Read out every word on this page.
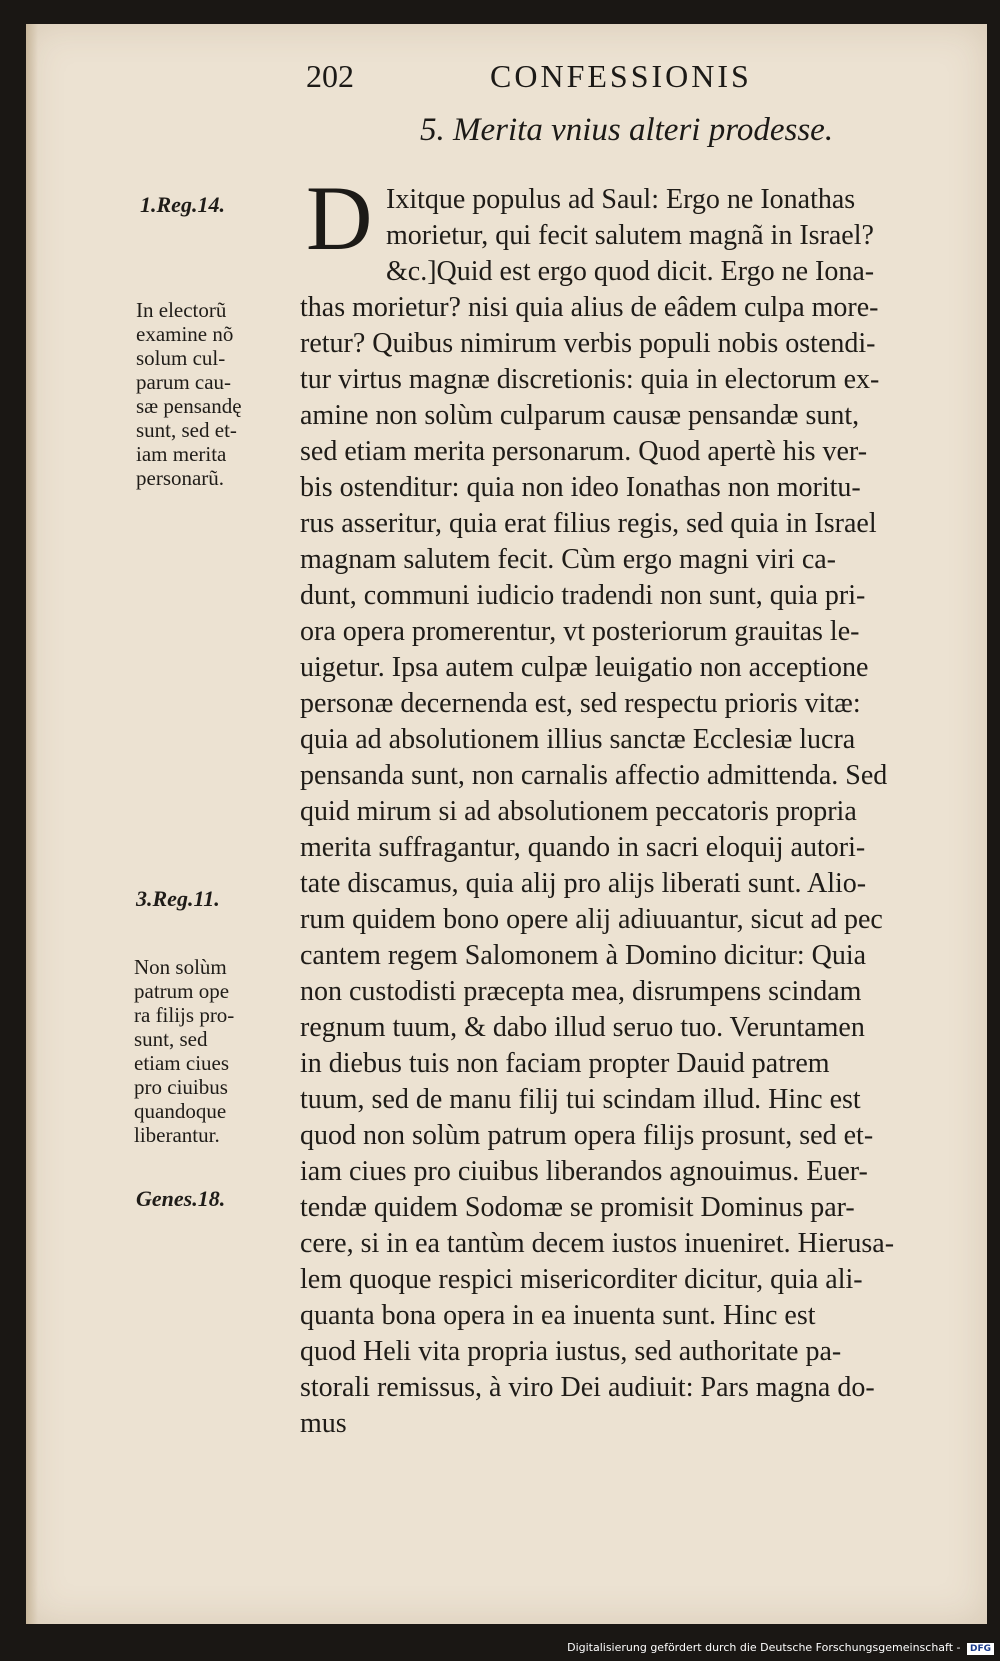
202	CONFESSIONIS
5. Merita vnius alteri prodesse.
D Ixitque populus ad Saul: Ergo ne Ionathas
morietur, qui fecit salutem magnã in Israel?
&c.]Quid est ergo quod dicit. Ergo ne Iona-
thas morietur? nisi quia alius de eâdem culpa more-
retur? Quibus nimirum verbis populi nobis ostendi-
tur virtus magnæ discretionis: quia in electorum ex-
amine non solùm culparum causæ pensandæ sunt,
sed etiam merita personarum. Quod apertè his ver-
bis ostenditur: quia non ideo Ionathas non moritu-
rus asseritur, quia erat filius regis, sed quia in Israel
magnam salutem fecit. Cùm ergo magni viri ca-
dunt, communi iudicio tradendi non sunt, quia pri-
ora opera promerentur, vt posteriorum grauitas le-
uigetur. Ipsa autem culpæ leuigatio non acceptione
personæ decernenda est, sed respectu prioris vitæ:
quia ad absolutionem illius sanctæ Ecclesiæ lucra
pensanda sunt, non carnalis affectio admittenda. Sed
quid mirum si ad absolutionem peccatoris propria
merita suffragantur, quando in sacri eloquij autori-
tate discamus, quia alij pro alijs liberati sunt. Alio-
rum quidem bono opere alij adiuuantur, sicut ad pec
cantem regem Salomonem à Domino dicitur: Quia
non custodisti præcepta mea, disrumpens scindam
regnum tuum, & dabo illud seruo tuo. Veruntamen
in diebus tuis non faciam propter Dauid patrem
tuum, sed de manu filij tui scindam illud. Hinc est
quod non solùm patrum opera filijs prosunt, sed et-
iam ciues pro ciuibus liberandos agnouimus. Euer-
tendæ quidem Sodomæ se promisit Dominus par-
cere, si in ea tantùm decem iustos inueniret. Hierusa-
lem quoque respici misericorditer dicitur, quia ali-
quanta bona opera in ea inuenta sunt. Hinc est
quod Heli vita propria iustus, sed authoritate pa-
storali remissus, à viro Dei audiuit: Pars magna do-
mus
1.Reg.14.
In electorũ
examine nõ
solum cul-
parum cau-
sæ pensandę
sunt, sed et-
iam merita
personarũ.
3.Reg.11.
Non solùm
patrum ope
ra filijs pro-
sunt, sed
etiam ciues
pro ciuibus
quandoque
liberantur.
Genes.18.
Digitalisierung gefördert durch die Deutsche Forschungsgemeinschaft - DFG
